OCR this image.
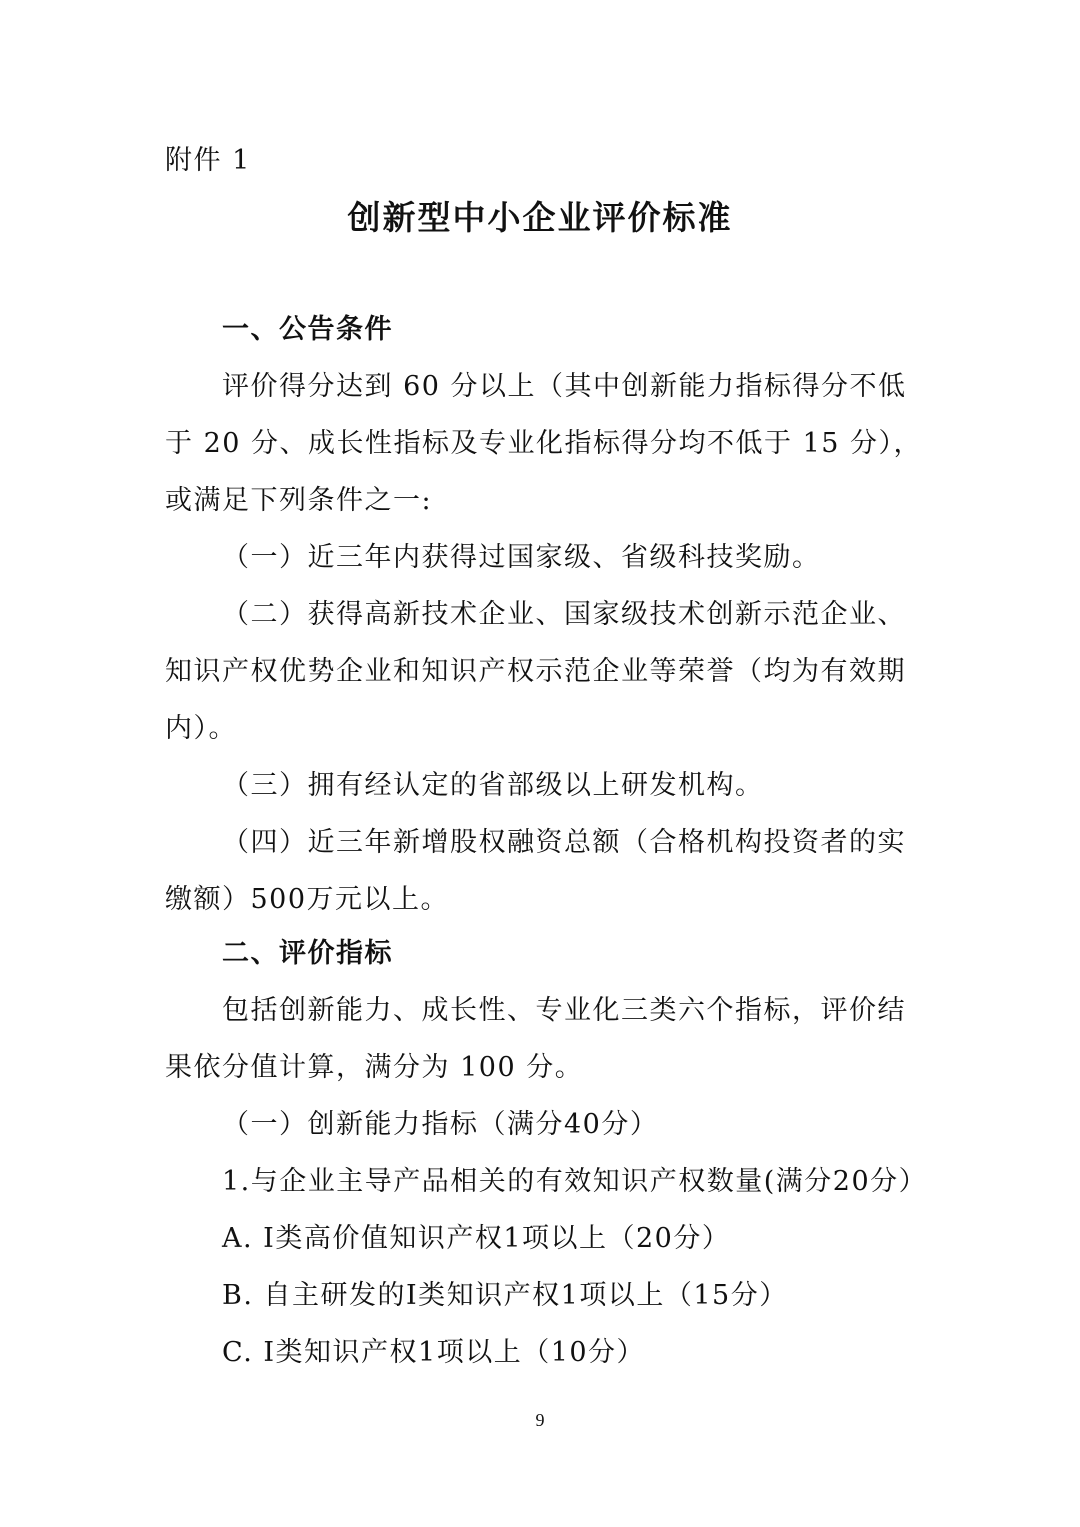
附件 1

创新型中小企业评价标准

一、公告条件

评价得分达到 60 分以上（其中创新能力指标得分不低

于 20 分、成长性指标及专业化指标得分均不低于 15 分），

或满足下列条件之一:

（一）近三年内获得过国家级、省级科技奖励。

（二）获得高新技术企业、国家级技术创新示范企业、

知识产权优势企业和知识产权示范企业等荣誉（均为有效期

内）。

（三）拥有经认定的省部级以上研发机构。

（四）近三年新增股权融资总额（合格机构投资者的实

缴额）500万元以上。

二、评价指标

包括创新能力、成长性、专业化三类六个指标，评价结

果依分值计算，满分为 100 分。

（一）创新能力指标（满分40分）

1.与企业主导产品相关的有效知识产权数量(满分20分）

A. I类高价值知识产权1项以上（20分）

B. 自主研发的I类知识产权1项以上（15分）

C. I类知识产权1项以上（10分）

9
